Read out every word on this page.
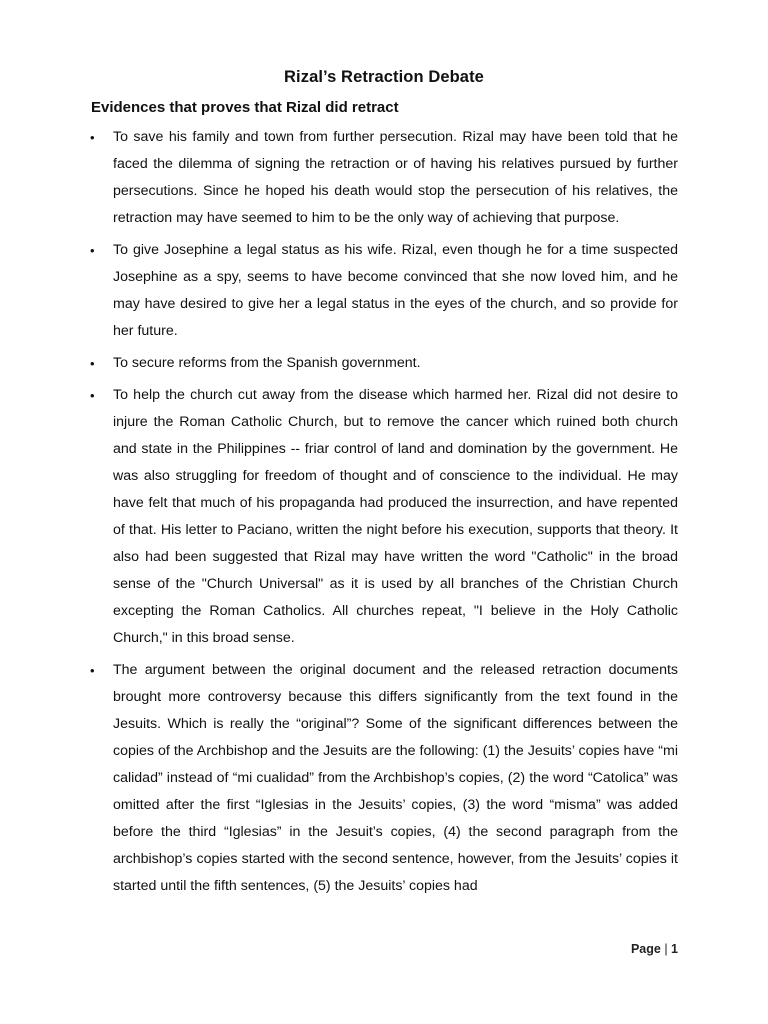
Rizal’s Retraction Debate
Evidences that proves that Rizal did retract
• To save his family and town from further persecution. Rizal may have been told that he faced the dilemma of signing the retraction or of having his relatives pursued by further persecutions. Since he hoped his death would stop the persecution of his relatives, the retraction may have seemed to him to be the only way of achieving that purpose.
• To give Josephine a legal status as his wife. Rizal, even though he for a time suspected Josephine as a spy, seems to have become convinced that she now loved him, and he may have desired to give her a legal status in the eyes of the church, and so provide for her future.
• To secure reforms from the Spanish government.
• To help the church cut away from the disease which harmed her. Rizal did not desire to injure the Roman Catholic Church, but to remove the cancer which ruined both church and state in the Philippines -- friar control of land and domination by the government. He was also struggling for freedom of thought and of conscience to the individual. He may have felt that much of his propaganda had produced the insurrection, and have repented of that. His letter to Paciano, written the night before his execution, supports that theory. It also had been suggested that Rizal may have written the word "Catholic" in the broad sense of the "Church Universal" as it is used by all branches of the Christian Church excepting the Roman Catholics. All churches repeat, "I believe in the Holy Catholic Church," in this broad sense.
• The argument between the original document and the released retraction documents brought more controversy because this differs significantly from the text found in the Jesuits. Which is really the “original”? Some of the significant differences between the copies of the Archbishop and the Jesuits are the following: (1) the Jesuits’ copies have “mi calidad” instead of “mi cualidad” from the Archbishop’s copies, (2) the word “Catolica” was omitted after the first “Iglesias in the Jesuits’ copies, (3) the word “misma” was added before the third “Iglesias” in the Jesuit’s copies, (4) the second paragraph from the archbishop’s copies started with the second sentence, however, from the Jesuits’ copies it started until the fifth sentences, (5) the Jesuits’ copies had
Page | 1
